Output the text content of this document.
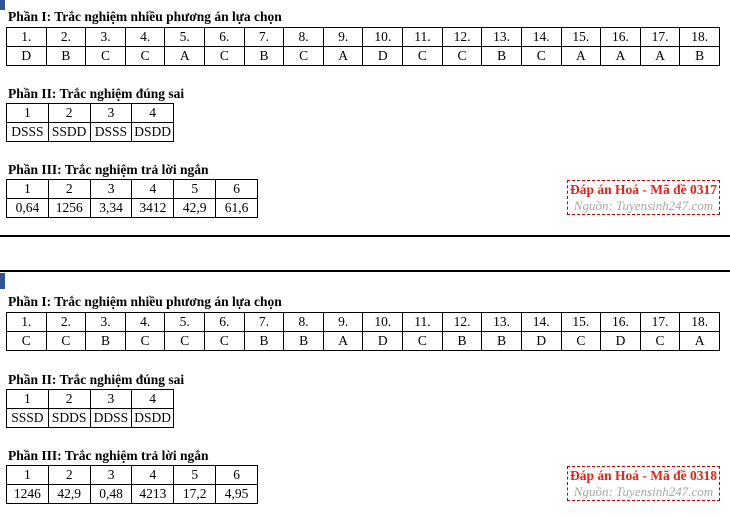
Phần I: Trắc nghiệm nhiều phương án lựa chọn
1.	2.	3.	4.	5.	6.	7.	8.	9.	10.	11.	12.	13.	14.	15.	16.	17.	18.
D	B	C	C	A	C	B	C	A	D	C	C	B	C	A	A	A	B
Phần II: Trắc nghiệm đúng sai
1	2	3	4
DSSS	SSDD	DSSS	DSDD
Phần III: Trắc nghiệm trả lời ngắn
1	2	3	4	5	6
0,64	1256	3,34	3412	42,9	61,6
Đáp án Hoá - Mã đề 0317
Nguồn: Tuyensinh247.com
Phần I: Trắc nghiệm nhiều phương án lựa chọn
1.	2.	3.	4.	5.	6.	7.	8.	9.	10.	11.	12.	13.	14.	15.	16.	17.	18.
C	C	B	C	C	C	B	B	A	D	C	B	B	D	C	D	C	A
Phần II: Trắc nghiệm đúng sai
1	2	3	4
SSSD	SDDS	DDSS	DSDD
Phần III: Trắc nghiệm trả lời ngắn
1	2	3	4	5	6
1246	42,9	0,48	4213	17,2	4,95
Đáp án Hoá - Mã đề 0318
Nguồn: Tuyensinh247.com
